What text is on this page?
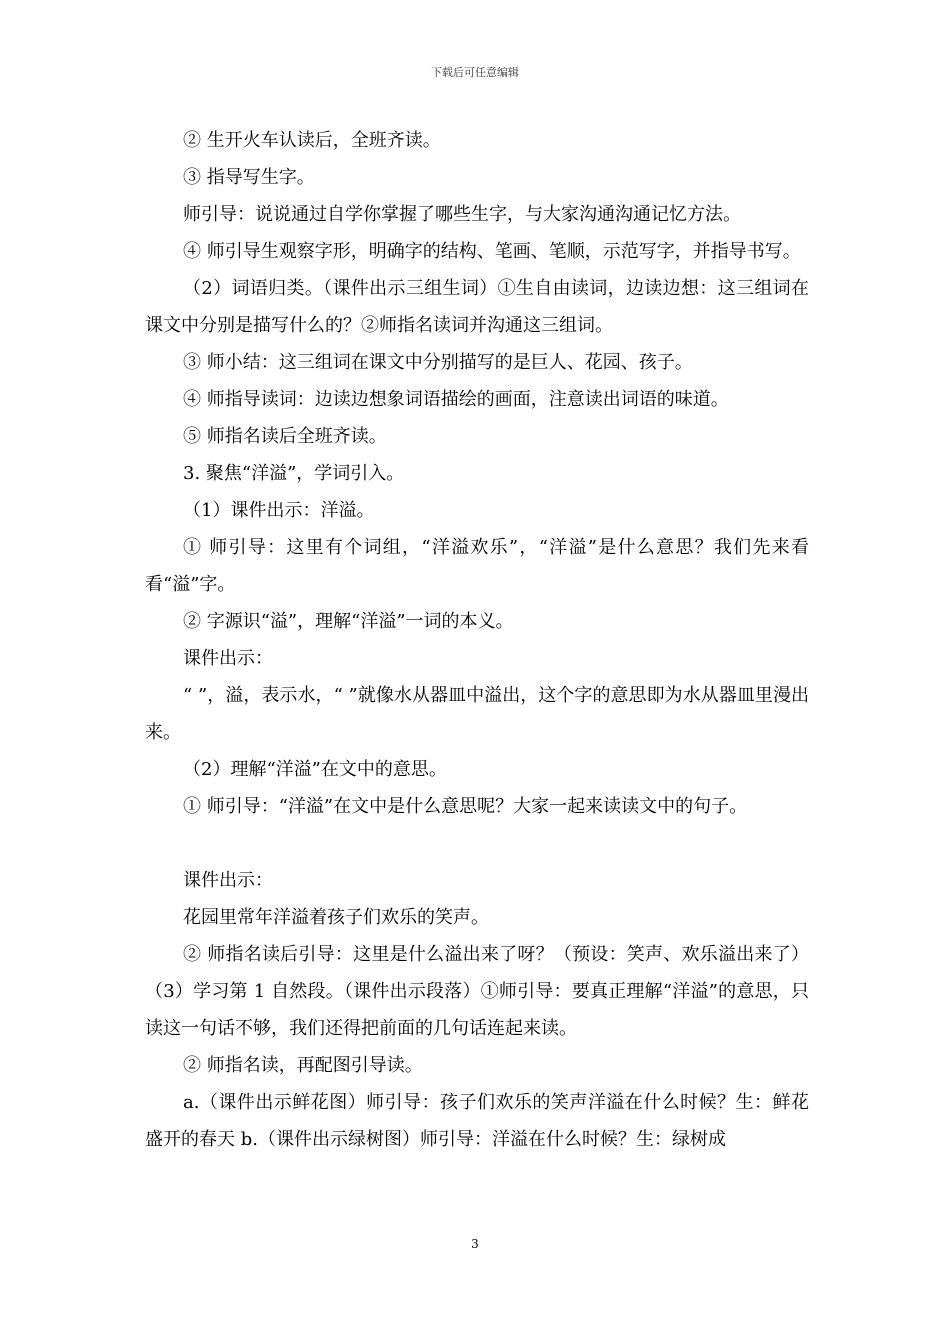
下载后可任意编辑

② 生开火车认读后，全班齐读。

③ 指导写生字。

师引导：说说通过自学你掌握了哪些生字，与大家沟通沟通记忆方法。

④ 师引导生观察字形，明确字的结构、笔画、笔顺，示范写字，并指导书写。

（2）词语归类。（课件出示三组生词）①生自由读词，边读边想：这三组词在课文中分别是描写什么的？②师指名读词并沟通这三组词。

③ 师小结：这三组词在课文中分别描写的是巨人、花园、孩子。

④ 师指导读词：边读边想象词语描绘的画面，注意读出词语的味道。

⑤ 师指名读后全班齐读。

3. 聚焦“洋溢”，学词引入。

（1）课件出示：洋溢。

① 师引导：这里有个词组，“洋溢欢乐”，“洋溢”是什么意思？我们先来看看“溢”字。

② 字源识“溢”，理解“洋溢”一词的本义。

课件出示：

“ ”，溢，表示水，“ ”就像水从器皿中溢出，这个字的意思即为水从器皿里漫出来。

（2）理解“洋溢”在文中的意思。

① 师引导：“洋溢”在文中是什么意思呢？大家一起来读读文中的句子。

课件出示：

花园里常年洋溢着孩子们欢乐的笑声。

② 师指名读后引导：这里是什么溢出来了呀？（预设：笑声、欢乐溢出来了）（3）学习第 1 自然段。（课件出示段落）①师引导：要真正理解“洋溢”的意思，只读这一句话不够，我们还得把前面的几句话连起来读。

② 师指名读，再配图引导读。

a.（课件出示鲜花图）师引导：孩子们欢乐的笑声洋溢在什么时候？生：鲜花盛开的春天 b.（课件出示绿树图）师引导：洋溢在什么时候？生：绿树成

3
